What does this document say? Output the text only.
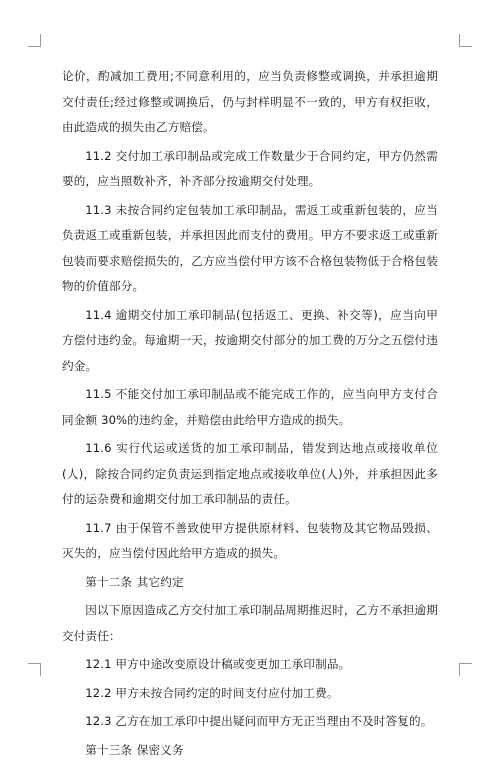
论价，酌减加工费用;不同意利用的，应当负责修整或调换，并承担逾期交付责任;经过修整或调换后，仍与封样明显不一致的，甲方有权拒收，由此造成的损失由乙方赔偿。

11.2 交付加工承印制品或完成工作数量少于合同约定，甲方仍然需要的，应当照数补齐，补齐部分按逾期交付处理。

11.3 未按合同约定包装加工承印制品，需返工或重新包装的，应当负责返工或重新包装，并承担因此而支付的费用。甲方不要求返工或重新包装而要求赔偿损失的，乙方应当偿付甲方该不合格包装物低于合格包装物的价值部分。

11.4 逾期交付加工承印制品(包括返工、更换、补交等)，应当向甲方偿付违约金。每逾期一天，按逾期交付部分的加工费的万分之五偿付违约金。

11.5 不能交付加工承印制品或不能完成工作的，应当向甲方支付合同金额 30%的违约金，并赔偿由此给甲方造成的损失。

11.6 实行代运或送货的加工承印制品，错发到达地点或接收单位(人)，除按合同约定负责运到指定地点或接收单位(人)外，并承担因此多付的运杂费和逾期交付加工承印制品的责任。

11.7 由于保管不善致使甲方提供原材料、包装物及其它物品毁损、灭失的，应当偿付因此给甲方造成的损失。

第十二条 其它约定

因以下原因造成乙方交付加工承印制品周期推迟时，乙方不承担逾期交付责任：

12.1 甲方中途改变原设计稿或变更加工承印制品。

12.2 甲方未按合同约定的时间支付应付加工费。

12.3 乙方在加工承印中提出疑问而甲方无正当理由不及时答复的。

第十三条 保密义务
